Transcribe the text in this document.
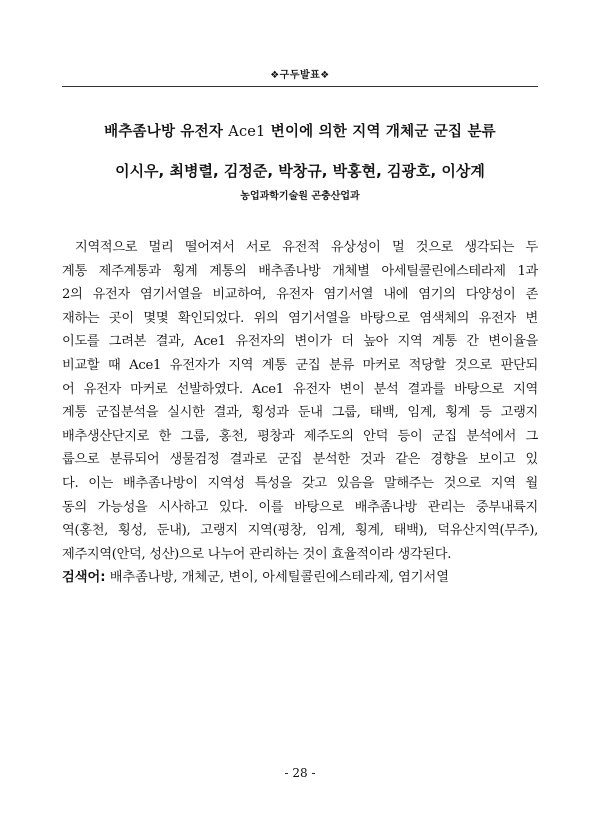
❖구두발표❖
배추좀나방 유전자 Ace1 변이에 의한 지역 개체군 군집 분류
이시우, 최병렬, 김정준, 박창규, 박홍현, 김광호, 이상계
농업과학기술원 곤충산업과
지역적으로 멀리 떨어져서 서로 유전적 유상성이 멀 것으로 생각되는 두
계통 제주계통과 횡계 계통의 배추좀나방 개체별 아세틸콜린에스테라제 1과
2의 유전자 염기서열을 비교하여, 유전자 염기서열 내에 염기의 다양성이 존
재하는 곳이 몇몇 확인되었다. 위의 염기서열을 바탕으로 염색체의 유전자 변
이도를 그려본 결과, Ace1 유전자의 변이가 더 높아 지역 계통 간 변이율을
비교할 때 Ace1 유전자가 지역 계통 군집 분류 마커로 적당할 것으로 판단되
어 유전자 마커로 선발하였다. Ace1 유전자 변이 분석 결과를 바탕으로 지역
계통 군집분석을 실시한 결과, 횡성과 둔내 그룹, 태백, 임계, 횡계 등 고랭지
배추생산단지로 한 그룹, 홍천, 평창과 제주도의 안덕 등이 군집 분석에서 그
룹으로 분류되어 생물검정 결과로 군집 분석한 것과 같은 경향을 보이고 있
다. 이는 배추좀나방이 지역성 특성을 갖고 있음을 말해주는 것으로 지역 월
동의 가능성을 시사하고 있다. 이를 바탕으로 배추좀나방 관리는 중부내륙지
역(홍천, 횡성, 둔내), 고랭지 지역(평창, 임계, 횡계, 태백), 덕유산지역(무주),
제주지역(안덕, 성산)으로 나누어 관리하는 것이 효율적이라 생각된다.
검색어: 배추좀나방, 개체군, 변이, 아세틸콜린에스테라제, 염기서열
- 28 -
